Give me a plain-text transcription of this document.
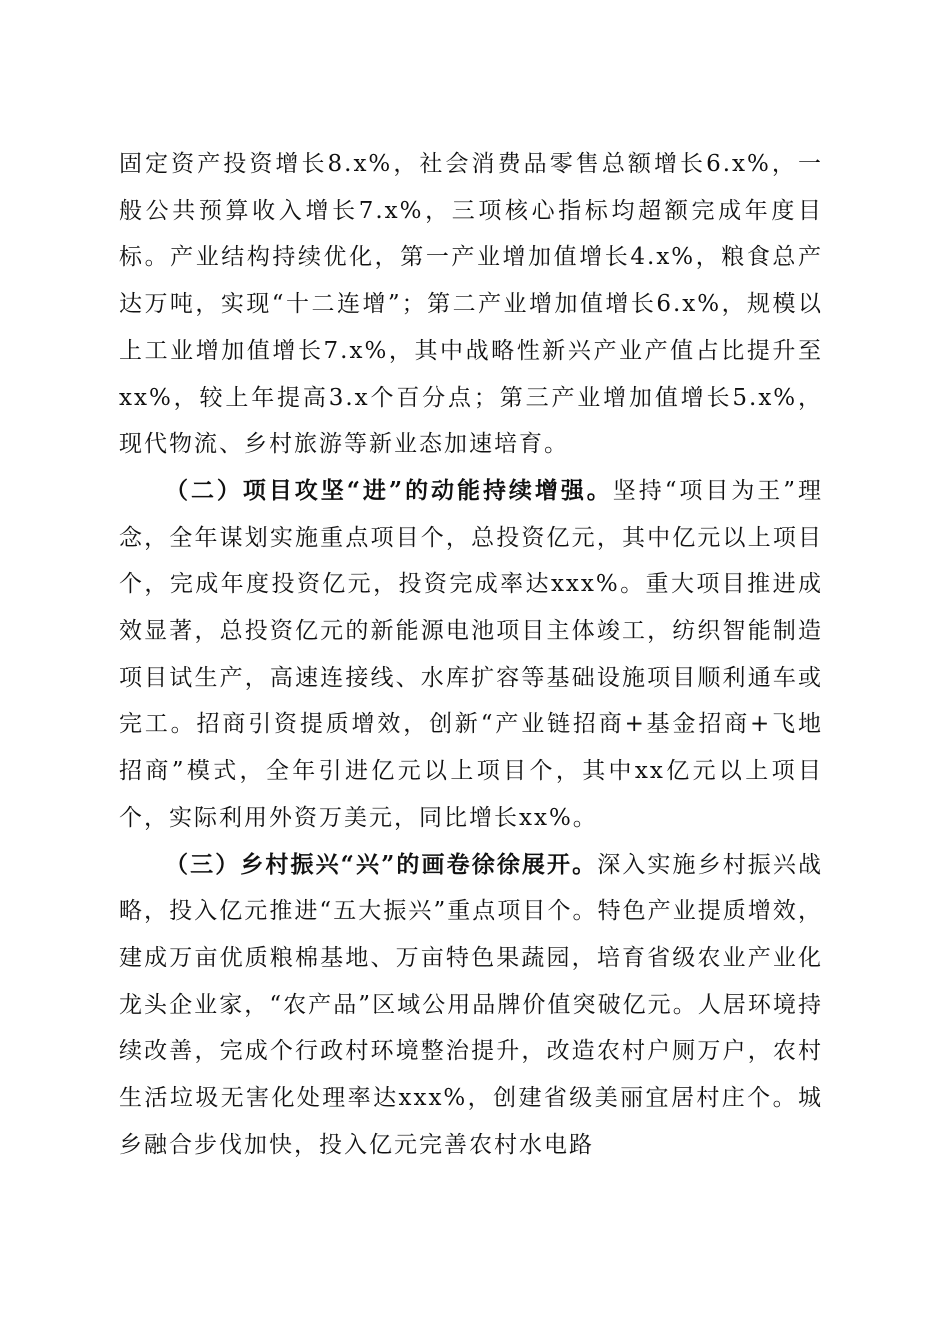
固定资产投资增长8.x%，社会消费品零售总额增长6.x%，一般公共预算收入增长7.x%，三项核心指标均超额完成年度目标。产业结构持续优化，第一产业增加值增长4.x%，粮食总产达万吨，实现“十二连增”；第二产业增加值增长6.x%，规模以上工业增加值增长7.x%，其中战略性新兴产业产值占比提升至xx%，较上年提高3.x个百分点；第三产业增加值增长5.x%，现代物流、乡村旅游等新业态加速培育。

（二）项目攻坚“进”的动能持续增强。坚持“项目为王”理念，全年谋划实施重点项目个，总投资亿元，其中亿元以上项目个，完成年度投资亿元，投资完成率达xxx%。重大项目推进成效显著，总投资亿元的新能源电池项目主体竣工，纺织智能制造项目试生产，高速连接线、水库扩容等基础设施项目顺利通车或完工。招商引资提质增效，创新“产业链招商+基金招商+飞地招商”模式，全年引进亿元以上项目个，其中xx亿元以上项目个，实际利用外资万美元，同比增长xx%。

（三）乡村振兴“兴”的画卷徐徐展开。深入实施乡村振兴战略，投入亿元推进“五大振兴”重点项目个。特色产业提质增效，建成万亩优质粮棉基地、万亩特色果蔬园，培育省级农业产业化龙头企业家，“农产品”区域公用品牌价值突破亿元。人居环境持续改善，完成个行政村环境整治提升，改造农村户厕万户，农村生活垃圾无害化处理率达xxx%，创建省级美丽宜居村庄个。城乡融合步伐加快，投入亿元完善农村水电路
